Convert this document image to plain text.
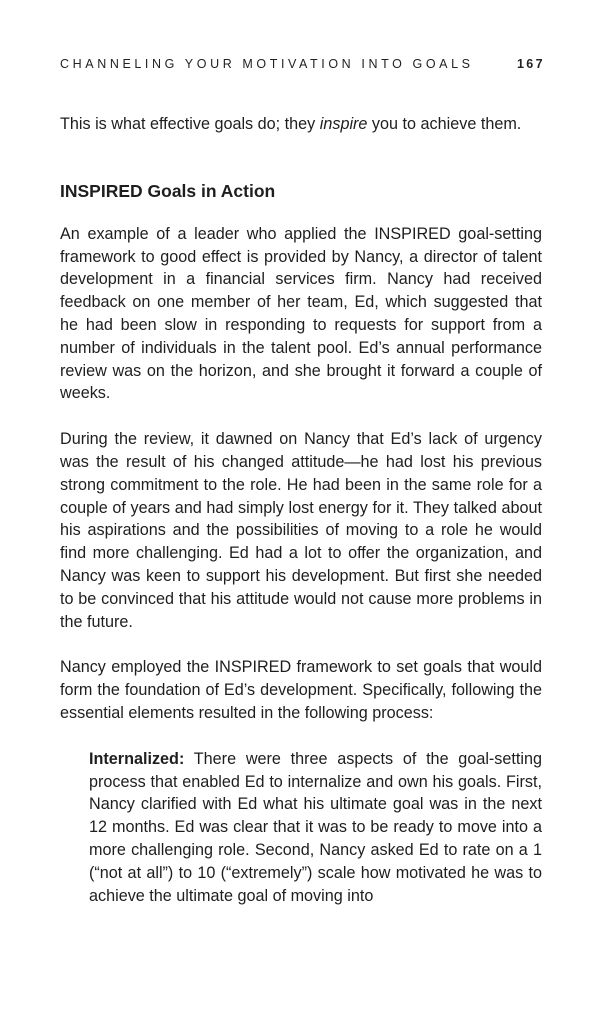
CHANNELING YOUR MOTIVATION INTO GOALS	167

This is what effective goals do; they inspire you to achieve them.

INSPIRED Goals in Action

An example of a leader who applied the INSPIRED goal-setting framework to good effect is provided by Nancy, a director of talent development in a financial services firm. Nancy had received feedback on one member of her team, Ed, which suggested that he had been slow in responding to requests for support from a number of individuals in the talent pool. Ed’s annual performance review was on the horizon, and she brought it forward a couple of weeks.

During the review, it dawned on Nancy that Ed’s lack of urgency was the result of his changed attitude—he had lost his previous strong commitment to the role. He had been in the same role for a couple of years and had simply lost energy for it. They talked about his aspirations and the possibilities of moving to a role he would find more challenging. Ed had a lot to offer the organization, and Nancy was keen to support his development. But first she needed to be convinced that his attitude would not cause more problems in the future.

Nancy employed the INSPIRED framework to set goals that would form the foundation of Ed’s development. Specifically, following the essential elements resulted in the following process:

Internalized: There were three aspects of the goal-setting process that enabled Ed to internalize and own his goals. First, Nancy clarified with Ed what his ultimate goal was in the next 12 months. Ed was clear that it was to be ready to move into a more challenging role. Second, Nancy asked Ed to rate on a 1 (“not at all”) to 10 (“extremely”) scale how motivated he was to achieve the ultimate goal of moving into
